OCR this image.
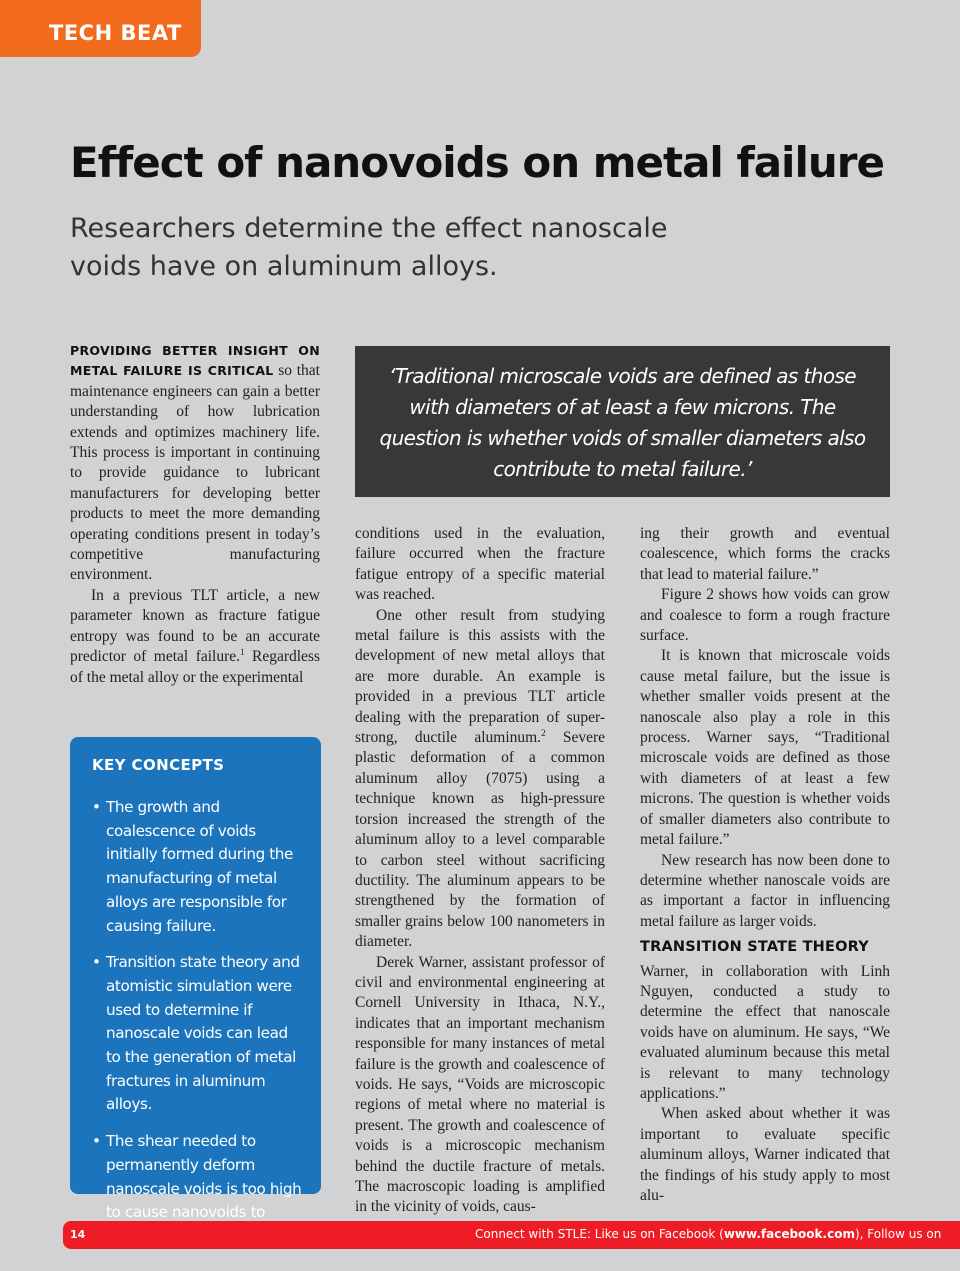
TECH BEAT
Effect of nanovoids on metal failure

Researchers determine the effect nanoscale voids have on aluminum alloys.

PROVIDING BETTER INSIGHT ON METAL FAILURE IS CRITICAL so that maintenance engineers can gain a better understanding of how lubrication extends and optimizes machinery life. This process is important in continuing to provide guidance to lubricant manufacturers for developing better products to meet the more demanding operating conditions present in today’s competitive manufacturing environment.

In a previous TLT article, a new parameter known as fracture fatigue entropy was found to be an accurate predictor of metal failure.$^1$ Regardless of the metal alloy or the experimental

‘Traditional microscale voids are defined as those with diameters of at least a few microns. The question is whether voids of smaller diameters also contribute to metal failure.’

KEY CONCEPTS
• The growth and coalescence of voids initially formed during the manufacturing of metal alloys are responsible for causing failure.
• Transition state theory and atomistic simulation were used to determine if nanoscale voids can lead to the generation of metal fractures in aluminum alloys.
• The shear needed to permanently deform nanoscale voids is too high to cause nanovoids to

conditions used in the evaluation, failure occurred when the fracture fatigue entropy of a specific material was reached.

One other result from studying metal failure is this assists with the development of new metal alloys that are more durable. An example is provided in a previous TLT article dealing with the preparation of super-strong, ductile aluminum.$^2$ Severe plastic deformation of a common aluminum alloy (7075) using a technique known as high-pressure torsion increased the strength of the aluminum alloy to a level comparable to carbon steel without sacrificing ductility. The aluminum appears to be strengthened by the formation of smaller grains below 100 nanometers in diameter.

Derek Warner, assistant professor of civil and environmental engineering at Cornell University in Ithaca, N.Y., indicates that an important mechanism responsible for many instances of metal failure is the growth and coalescence of voids. He says, “Voids are microscopic regions of metal where no material is present. The growth and coalescence of voids is a microscopic mechanism behind the ductile fracture of metals. The macroscopic loading is amplified in the vicinity of voids, caus-

ing their growth and eventual coalescence, which forms the cracks that lead to material failure.”

Figure 2 shows how voids can grow and coalesce to form a rough fracture surface.

It is known that microscale voids cause metal failure, but the issue is whether smaller voids present at the nanoscale also play a role in this process. Warner says, “Traditional microscale voids are defined as those with diameters of at least a few microns. The question is whether voids of smaller diameters also contribute to metal failure.”

New research has now been done to determine whether nanoscale voids are as important a factor in influencing metal failure as larger voids.

TRANSITION STATE THEORY

Warner, in collaboration with Linh Nguyen, conducted a study to determine the effect that nanoscale voids have on aluminum. He says, “We evaluated aluminum because this metal is relevant to many technology applications.”

When asked about whether it was important to evaluate specific aluminum alloys, Warner indicated that the findings of his study apply to most alu-

14	Connect with STLE: Like us on Facebook (www.facebook.com), Follow us on
